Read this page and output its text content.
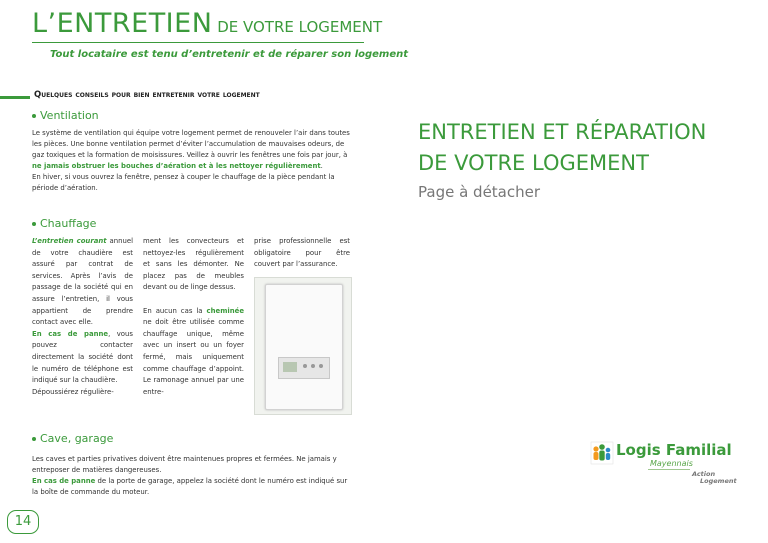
L’ENTRETIEN DE VOTRE LOGEMENT
Tout locataire est tenu d’entretenir et de réparer son logement
Quelques conseils pour bien entretenir votre logement
Ventilation
Le système de ventilation qui équipe votre logement permet de renouveler l’air dans toutes les pièces. Une bonne ventilation permet d’éviter l’accumulation de mauvaises odeurs, de gaz toxiques et la formation de moisissures. Veillez à ouvrir les fenêtres une fois par jour, à ne jamais obstruer les bouches d’aération et à les nettoyer régulièrement.
En hiver, si vous ouvrez la fenêtre, pensez à couper le chauffage de la pièce pendant la période d’aération.
Chauffage

L’entretien courant annuel de votre chaudière est assuré par contrat de services. Après l’avis de passage de la société qui en assure l’entretien, il vous appartient de prendre contact avec elle.

En cas de panne, vous pouvez contacter directement la société dont le numéro de téléphone est indiqué sur la chaudière.

Dépoussiérez régulière-

ment les convecteurs et nettoyez-les régulièrement et sans les démonter. Ne placez pas de meubles devant ou de linge dessus.

En aucun cas la cheminée ne doit être utilisée comme chauffage unique, même avec un insert ou un foyer fermé, mais uniquement comme chauffage d’appoint. Le ramonage annuel par une entre-

prise professionnelle est obligatoire pour être couvert par l’assurance.

Cave, garage
Les caves et parties privatives doivent être maintenues propres et fermées. Ne jamais y entreposer de matières dangereuses.
En cas de panne de la porte de garage, appelez la société dont le numéro est indiqué sur la boîte de commande du moteur.
ENTRETIEN ET RÉPARATION
DE VOTRE LOGEMENT
Page à détacher
Logis Familial
Mayennais
Action
Logement
14
